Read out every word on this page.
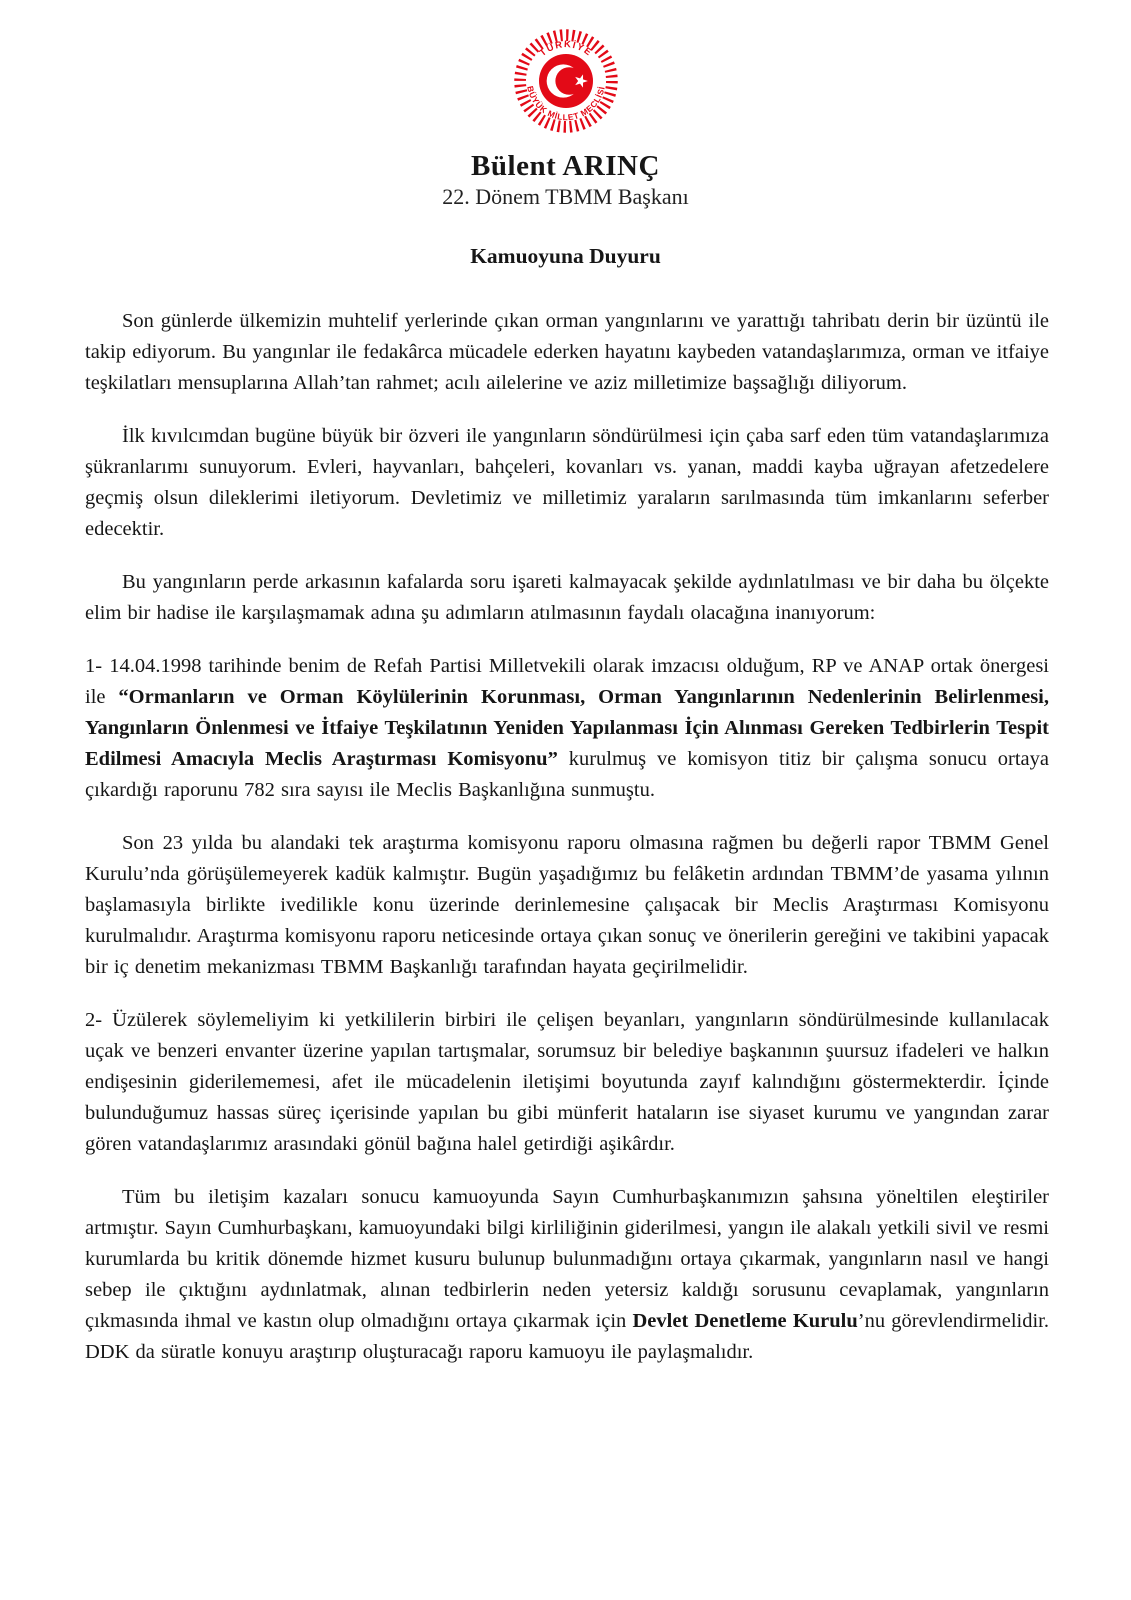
TÜRKİYE
BÜYÜK MİLLET MECLİSİ
Bülent ARINÇ
22. Dönem TBMM Başkanı
Kamuoyuna Duyuru

Son günlerde ülkemizin muhtelif yerlerinde çıkan orman yangınlarını ve yarattığı tahribatı derin bir üzüntü ile takip ediyorum. Bu yangınlar ile fedakârca mücadele ederken hayatını kaybeden vatandaşlarımıza, orman ve itfaiye teşkilatları mensuplarına Allah’tan rahmet; acılı ailelerine ve aziz milletimize başsağlığı diliyorum.

İlk kıvılcımdan bugüne büyük bir özveri ile yangınların söndürülmesi için çaba sarf eden tüm vatandaşlarımıza şükranlarımı sunuyorum. Evleri, hayvanları, bahçeleri, kovanları vs. yanan, maddi kayba uğrayan afetzedelere geçmiş olsun dileklerimi iletiyorum. Devletimiz ve milletimiz yaraların sarılmasında tüm imkanlarını seferber edecektir.

Bu yangınların perde arkasının kafalarda soru işareti kalmayacak şekilde aydınlatılması ve bir daha bu ölçekte elim bir hadise ile karşılaşmamak adına şu adımların atılmasının faydalı olacağına inanıyorum:

1- 14.04.1998 tarihinde benim de Refah Partisi Milletvekili olarak imzacısı olduğum, RP ve ANAP ortak önergesi ile “Ormanların ve Orman Köylülerinin Korunması, Orman Yangınlarının Nedenlerinin Belirlenmesi, Yangınların Önlenmesi ve İtfaiye Teşkilatının Yeniden Yapılanması İçin Alınması Gereken Tedbirlerin Tespit Edilmesi Amacıyla Meclis Araştırması Komisyonu” kurulmuş ve komisyon titiz bir çalışma sonucu ortaya çıkardığı raporunu 782 sıra sayısı ile Meclis Başkanlığına sunmuştu.

Son 23 yılda bu alandaki tek araştırma komisyonu raporu olmasına rağmen bu değerli rapor TBMM Genel Kurulu’nda görüşülemeyerek kadük kalmıştır. Bugün yaşadığımız bu felâketin ardından TBMM’de yasama yılının başlamasıyla birlikte ivedilikle konu üzerinde derinlemesine çalışacak bir Meclis Araştırması Komisyonu kurulmalıdır. Araştırma komisyonu raporu neticesinde ortaya çıkan sonuç ve önerilerin gereğini ve takibini yapacak bir iç denetim mekanizması TBMM Başkanlığı tarafından hayata geçirilmelidir.

2- Üzülerek söylemeliyim ki yetkililerin birbiri ile çelişen beyanları, yangınların söndürülmesinde kullanılacak uçak ve benzeri envanter üzerine yapılan tartışmalar, sorumsuz bir belediye başkanının şuursuz ifadeleri ve halkın endişesinin giderilememesi, afet ile mücadelenin iletişimi boyutunda zayıf kalındığını göstermekterdir. İçinde bulunduğumuz hassas süreç içerisinde yapılan bu gibi münferit hataların ise siyaset kurumu ve yangından zarar gören vatandaşlarımız arasındaki gönül bağına halel getirdiği aşikârdır.

Tüm bu iletişim kazaları sonucu kamuoyunda Sayın Cumhurbaşkanımızın şahsına yöneltilen eleştiriler artmıştır. Sayın Cumhurbaşkanı, kamuoyundaki bilgi kirliliğinin giderilmesi, yangın ile alakalı yetkili sivil ve resmi kurumlarda bu kritik dönemde hizmet kusuru bulunup bulunmadığını ortaya çıkarmak, yangınların nasıl ve hangi sebep ile çıktığını aydınlatmak, alınan tedbirlerin neden yetersiz kaldığı sorusunu cevaplamak, yangınların çıkmasında ihmal ve kastın olup olmadığını ortaya çıkarmak için Devlet Denetleme Kurulu’nu görevlendirmelidir. DDK da süratle konuyu araştırıp oluşturacağı raporu kamuoyu ile paylaşmalıdır.
